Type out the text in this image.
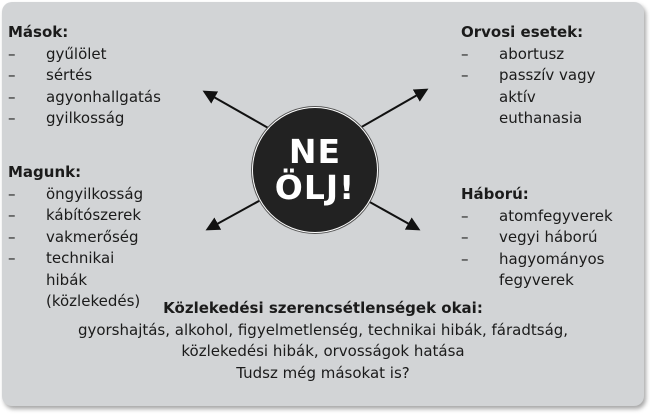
Mások:
– gyűlölet
– sértés
– agyonhallgatás
– gyilkosság
Magunk:
– öngyilkosság
– kábítószerek
– vakmerőség
– technikai hibák (közlekedés)
Orvosi esetek:
– abortusz
– passzív vagy aktív euthanasia
Háború:
– atomfegyverek
– vegyi háború
– hagyományos fegyverek
NE
ÖLJ!
Közlekedési szerencsétlenségek okai:
gyorshajtás, alkohol, figyelmetlenség, technikai hibák, fáradtság,
közlekedési hibák, orvosságok hatása
Tudsz még másokat is?
